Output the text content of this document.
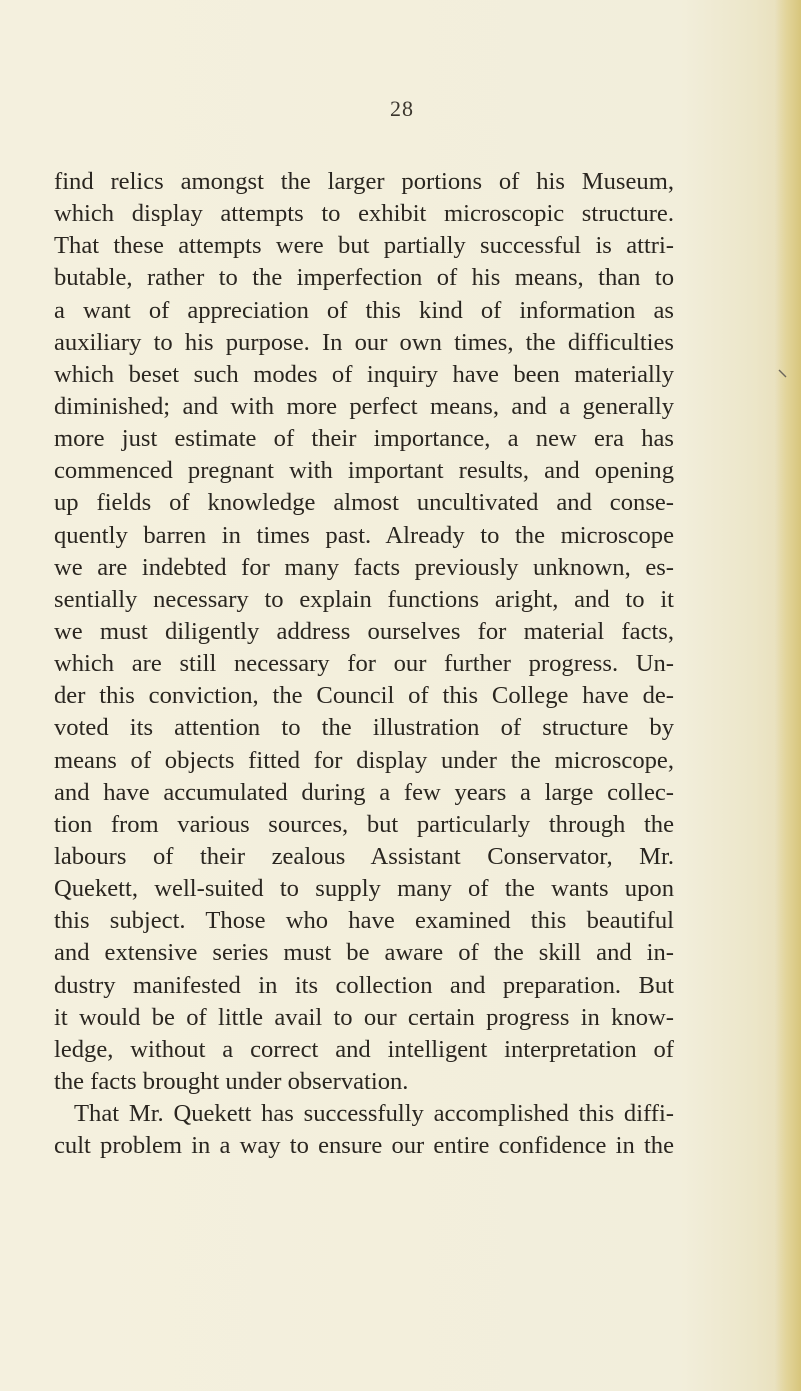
28
find relics amongst the larger portions of his Museum,
which display attempts to exhibit microscopic structure.
That these attempts were but partially successful is attri-
butable, rather to the imperfection of his means, than to
a want of appreciation of this kind of information as
auxiliary to his purpose. In our own times, the difficulties
which beset such modes of inquiry have been materially
diminished; and with more perfect means, and a generally
more just estimate of their importance, a new era has
commenced pregnant with important results, and opening
up fields of knowledge almost uncultivated and conse-
quently barren in times past. Already to the microscope
we are indebted for many facts previously unknown, es-
sentially necessary to explain functions aright, and to it
we must diligently address ourselves for material facts,
which are still necessary for our further progress. Un-
der this conviction, the Council of this College have de-
voted its attention to the illustration of structure by
means of objects fitted for display under the microscope,
and have accumulated during a few years a large collec-
tion from various sources, but particularly through the
labours of their zealous Assistant Conservator, Mr.
Quekett, well-suited to supply many of the wants upon
this subject. Those who have examined this beautiful
and extensive series must be aware of the skill and in-
dustry manifested in its collection and preparation. But
it would be of little avail to our certain progress in know-
ledge, without a correct and intelligent interpretation of
the facts brought under observation.
That Mr. Quekett has successfully accomplished this diffi-
cult problem in a way to ensure our entire confidence in the
